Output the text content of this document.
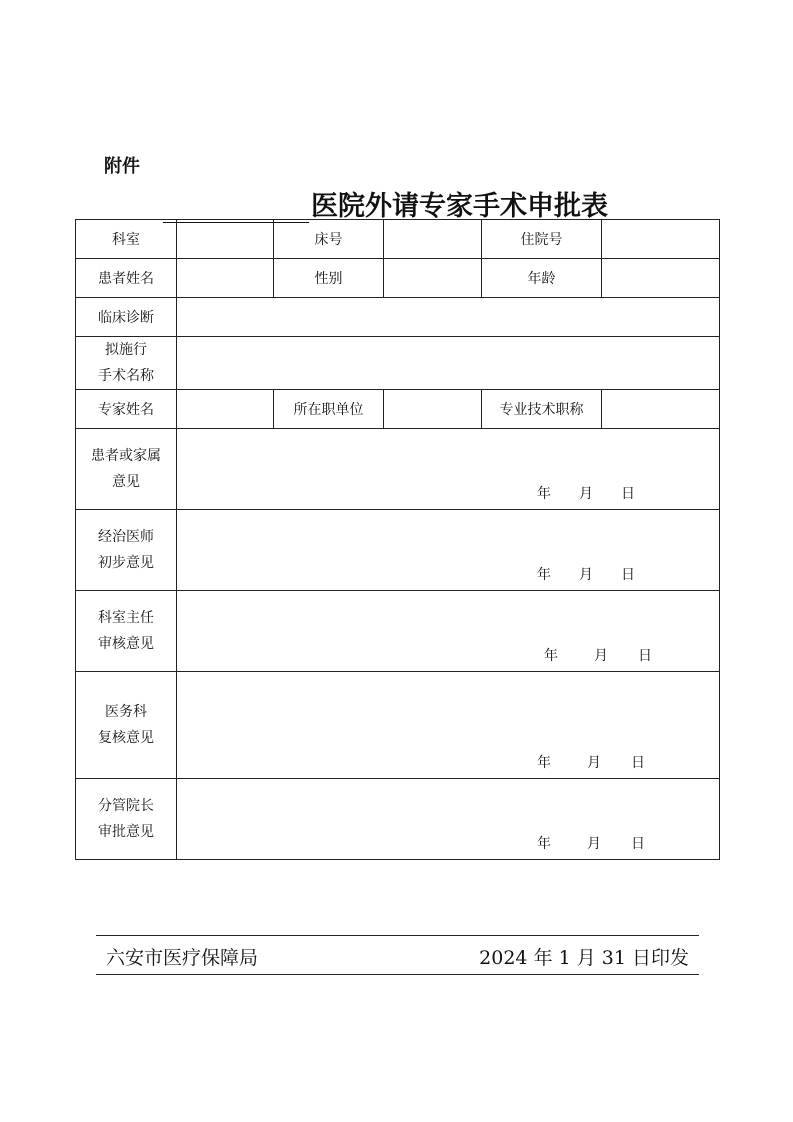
附件
医院外请专家手术申批表
科室		床号		住院号	
患者姓名		性别		年龄	
临床诊断					

拟施行
手术名称					

专家姓名		所在职单位		专业技术职称	

患者或家属
意见	年 月 日				

经治医师
初步意见	年 月 日				

科室主任
审核意见	年 月 日				

医务科
复核意见	年 月 日				

分管院长
审批意见	年 月 日				
六安市医疗保障局	2024 年 1 月 31 日印发
